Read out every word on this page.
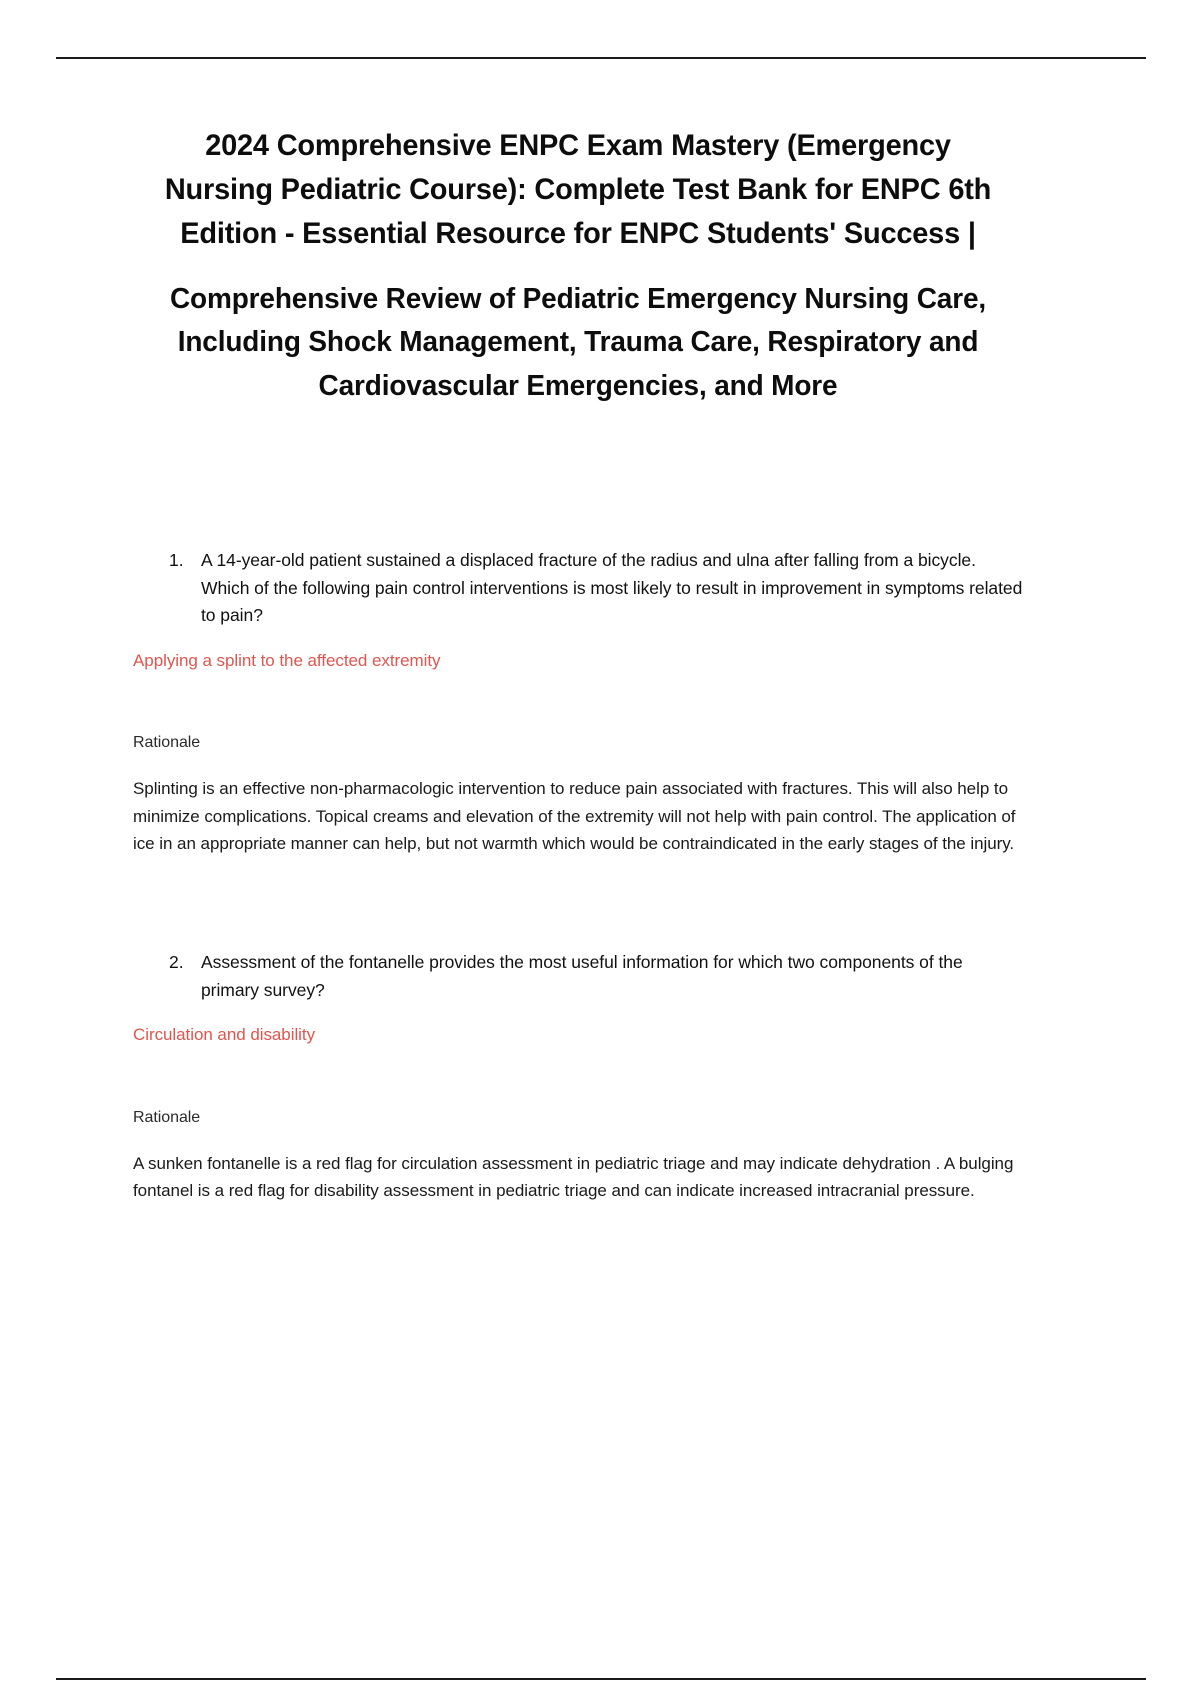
2024 Comprehensive ENPC Exam Mastery (Emergency Nursing Pediatric Course): Complete Test Bank for ENPC 6th Edition - Essential Resource for ENPC Students' Success |
Comprehensive Review of Pediatric Emergency Nursing Care, Including Shock Management, Trauma Care, Respiratory and Cardiovascular Emergencies, and More
1. A 14-year-old patient sustained a displaced fracture of the radius and ulna after falling from a bicycle. Which of the following pain control interventions is most likely to result in improvement in symptoms related to pain?
Applying a splint to the affected extremity
Rationale
Splinting is an effective non-pharmacologic intervention to reduce pain associated with fractures. This will also help to minimize complications. Topical creams and elevation of the extremity will not help with pain control. The application of ice in an appropriate manner can help, but not warmth which would be contraindicated in the early stages of the injury.
2. Assessment of the fontanelle provides the most useful information for which two components of the primary survey?
Circulation and disability
Rationale
A sunken fontanelle is a red flag for circulation assessment in pediatric triage and may indicate dehydration . A bulging fontanel is a red flag for disability assessment in pediatric triage and can indicate increased intracranial pressure.
